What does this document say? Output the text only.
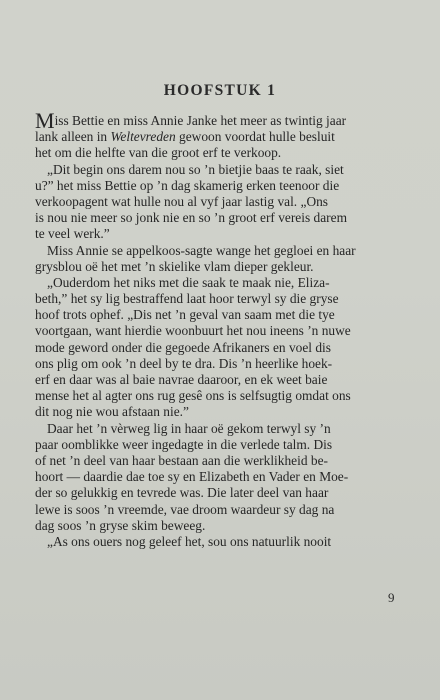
HOOFSTUK 1
Miss Bettie en miss Annie Janke het meer as twintig jaar
lank alleen in Weltevreden gewoon voordat hulle besluit
het om die helfte van die groot erf te verkoop.
„Dit begin ons darem nou so ’n bietjie baas te raak, siet
u?” het miss Bettie op ’n dag skamerig erken teenoor die
verkoopagent wat hulle nou al vyf jaar lastig val. „Ons
is nou nie meer so jonk nie en so ’n groot erf vereis darem
te veel werk.”
Miss Annie se appelkoos-sagte wange het gegloei en haar
grysblou oë het met ’n skielike vlam dieper gekleur.
„Ouderdom het niks met die saak te maak nie, Eliza-
beth,” het sy lig bestraffend laat hoor terwyl sy die gryse
hoof trots ophef. „Dis net ’n geval van saam met die tye
voortgaan, want hierdie woonbuurt het nou ineens ’n nuwe
mode geword onder die gegoede Afrikaners en voel dis
ons plig om ook ’n deel by te dra. Dis ’n heerlike hoek-
erf en daar was al baie navrae daaroor, en ek weet baie
mense het al agter ons rug gesê ons is selfsugtig omdat ons
dit nog nie wou afstaan nie.”
Daar het ’n vèrweg lig in haar oë gekom terwyl sy ’n
paar oomblikke weer ingedagte in die verlede talm. Dis
of net ’n deel van haar bestaan aan die werklikheid be-
hoort — daardie dae toe sy en Elizabeth en Vader en Moe-
der so gelukkig en tevrede was. Die later deel van haar
lewe is soos ’n vreemde, vae droom waardeur sy dag na
dag soos ’n gryse skim beweeg.
„As ons ouers nog geleef het, sou ons natuurlik nooit
9
